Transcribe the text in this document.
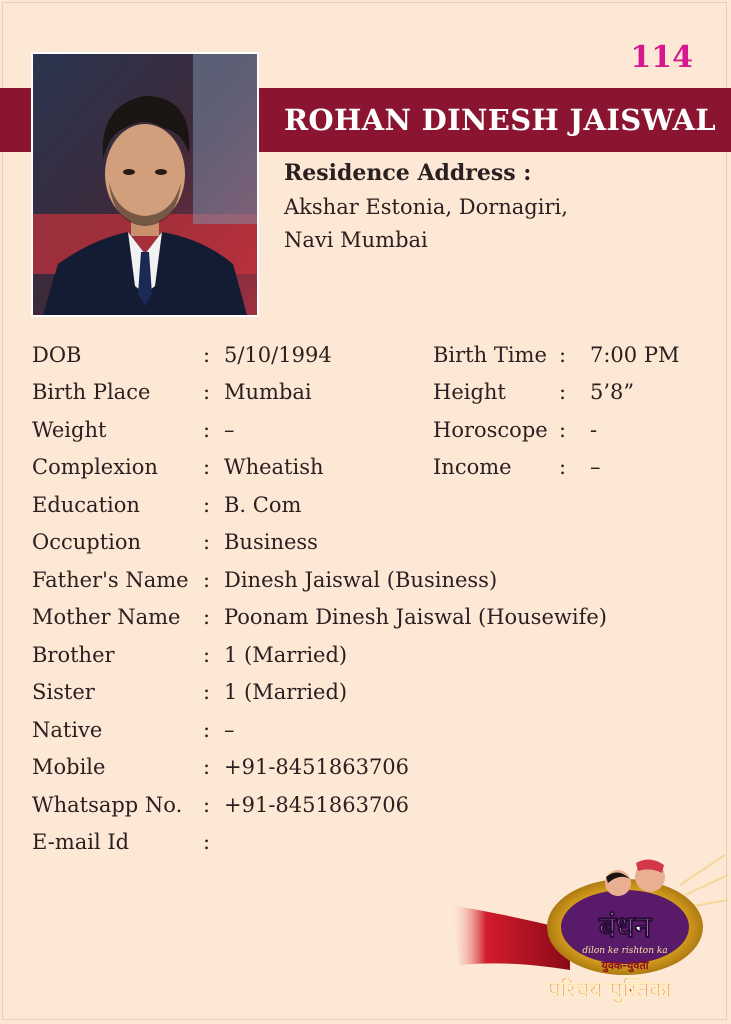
114
ROHAN DINESH JAISWAL
Residence Address :
Akshar Estonia, Dornagiri,
Navi Mumbai
DOB	: 5/10/1994	Birth Time : 7:00 PM
Birth Place	: Mumbai	Height	: 5’8”
Weight	: –	Horoscope : -
Complexion : Wheatish	Income : –
Education	: B. Com
Occuption	: Business
Father's Name : Dinesh Jaiswal (Business)
Mother Name : Poonam Dinesh Jaiswal (Housewife)
Brother	: 1 (Married)
Sister	: 1 (Married)
Native	: –
Mobile	: +91-8451863706
Whatsapp No. : +91-8451863706
E-mail Id	:
बंधन
dilon ke rishton ka
युवक-युवती
परिचय पुस्तिका
